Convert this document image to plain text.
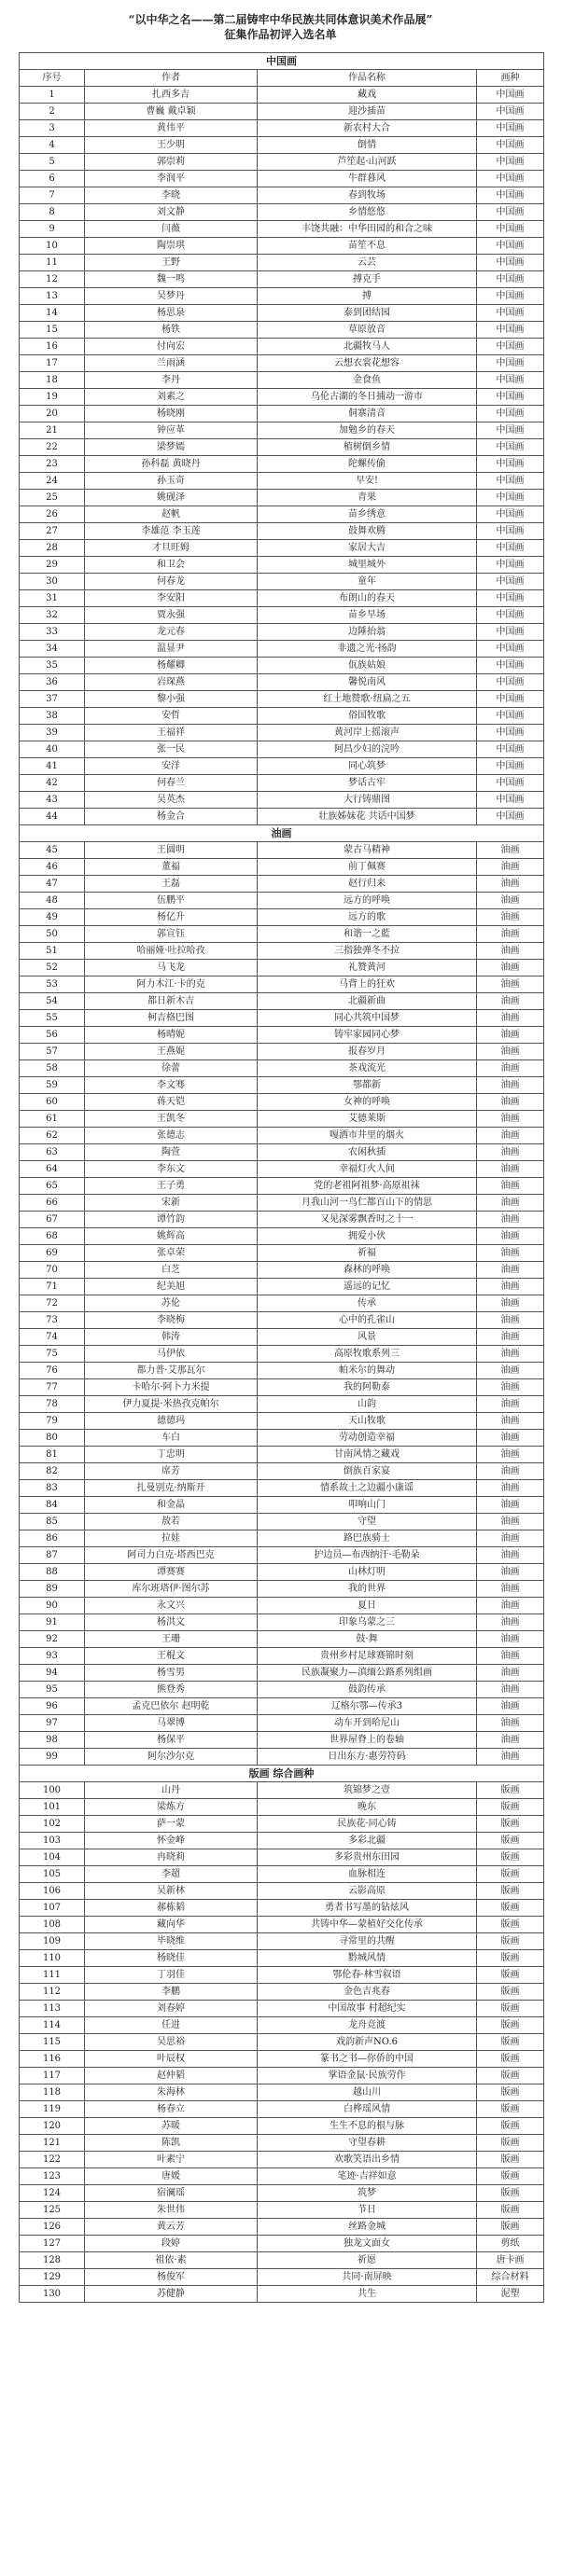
“以中华之名——第二届铸牢中华民族共同体意识美术作品展”
征集作品初评入选名单
中国画			
序号	作者	作品名称	画种
1	扎西多吉	藏戏	中国画
2	曹巍 戴卓颖	迎沙插苗	中国画
3	黄伟平	新农村大合	中国画
4	王少明	倒情	中国画
5	郭崇莉	芦笙起·山河跃	中国画
6	李润平	牛群暮风	中国画
7	李晓	春到牧场	中国画
8	刘文静	乡情悠悠	中国画
9	闫薇	丰饶共融：中华田园的和合之味	中国画
10	陶崇琪	苗笙不息	中国画
11	王野	云芸	中国画
12	魏一鸣	搏克手	中国画
13	吴梦丹	搏	中国画
14	杨思泉	泰到团结园	中国画
15	杨铁	草原放音	中国画
16	付向宏	北疆牧马人	中国画
17	兰雨涵	云想衣裳花想容	中国画
18	李丹	金食鱼	中国画
19	刘素之	乌伦古湖的冬日捕动一游市	中国画
20	杨晓刚	侗寨清音	中国画
21	钟应革	加勉乡的春天	中国画
22	梁梦嫣	植树倒乡情	中国画
23	孙科磊 黄晓丹	陀螺传偷	中国画
24	孙玉奇	早安!	中国画
25	姚砚泽	青果	中国画
26	赵帆	苗乡绣意	中国画
27	李雄范 李玉莲	鼓舞欢腾	中国画
28	才旦旺姆	家居大吉	中国画
29	和卫会	城里城外	中国画
30	何春龙	童年	中国画
31	李安阳	布朗山的春天	中国画
32	贾永强	苗乡早场	中国画
33	龙元春	边陲抬翁	中国画
34	温显尹	非遗之光·扬韵	中国画
35	杨耀卿	佤族姑娘	中国画
36	岩琛燕	馨悦南风	中国画
37	黎小强	红土地赞歌·纽扁之五	中国画
38	安哲	俗国牧歌	中国画
39	王福祥	黄河岸上摇滚声	中国画
40	张一民	阿昌少妇的浣吟	中国画
41	安洋	同心筑梦	中国画
42	何春兰	梦话古牢	中国画
43	吴英杰	大行铸鼎图	中国画
44	杨金合	壮族姊妹花 共话中国梦	中国画
油画			
45	王圆明	蒙古马精神	油画
46	董福	前丁佩赛	油画
47	王磊	赵行归来	油画
48	伍鹏平	远方的呼唤	油画
49	杨亿升	远方的歌	油画
50	郭宣钰	和谐一之藍	油画
51	哈丽娅·吐拉哈孜	三指独弹冬不拉	油画
52	马飞龙	礼赞黄河	油画
53	阿力木江·卡的克	马背上的狂欢	油画
54	都日新木吉	北疆新曲	油画
55	柯吉格巴图	同心共筑中国梦	油画
56	杨晴妮	铸牢家园同心梦	油画
57	王燕妮	报春岁月	油画
58	徐蕾	茶戏流光	油画
59	李文骞	鄂都新	油画
60	蒋天铠	女神的呼唤	油画
61	王凯冬	艾德莱斯	油画
62	张德志	嘎洒市井里的烟火	油画
63	陶萱	农闲秋插	油画
64	李东文	幸福灯火人间	油画
65	王子勇	党的老祖阿祖梦·高原祖袜	油画
66	宋新	月我山河一鸟仁都百山下的情思	油画
67	谭竹韵	又见深雾飘香时之十一	油画
68	姚辉高	拥爱小伙	油画
69	张卓荣	祈福	油画
70	白芝	森林的呼唤	油画
71	纪美旭	遥远的记忆	油画
72	苏伦	传承	油画
73	李晓梅	心中的孔雀山	油画
74	韩涛	风景	油画
75	马伊依	高原牧歌系列三	油画
76	都力普·艾那瓦尔	帕米尔的舞动	油画
77	卡哈尔·阿卜力米提	我的阿勒泰	油画
78	伊力夏提·米热孜克帕尔	山韵	油画
79	德德玛	天山牧歌	油画
80	车白	劳动创造幸福	油画
81	丁忠明	甘南风情之藏戏	油画
82	席芳	倒族百家宴	油画
83	扎曼别克·纳斯开	情系故土之边疆小康谣	油画
84	和金晶	叩响山门	油画
85	敖若	守望	油画
86	拉娃	路巴族骑士	油画
87	阿司力白克·塔西巴克	护边员—布西纳汗·毛勒朵	油画
88	谭赛赛	山林灯明	油画
89	库尔班塔伊·图尔苏	我的世界	油画
90	永文兴	夏日	油画
91	杨洪文	印象乌蒙之三	油画
92	王珊	鼓·舞	油画
93	王棍文	贵州乡村足球赛锦时刻	油画
94	杨雪男	民族凝聚力—滇缅公路系列组画	油画
95	熊登秀	鼓韵传承	油画
96	孟克巴依尔 赵明乾	辽格尔鄂—传承3	油画
97	马翠博	动车开到哈尼山	油画
98	杨保平	世界屋脊上的卷轴	油画
99	阿尔沙尔克	日出东方·惠劳符码	油画
版画 综合画种			
100	山丹	筑锦梦之壹	版画
101	梁炼方	晚东	版画
102	萨一蒙	民族花·同心铸	版画
103	怀金峰	多彩北疆	版画
104	冉晓莉	多彩贵州东田园	版画
105	李超	血脉相连	版画
106	吴新林	云影高原	版画
107	郝栋韬	勇者书写墨的钻炫风	版画
108	藏向华	共铸中华—蒙植好交化传承	版画
109	毕晓维	寻常里的共醒	版画
110	杨晓佳	黔城风情	版画
111	丁羽佳	鄂伦春·林雪叙语	版画
112	李鹏	金色吉兆春	版画
113	刘春婷	中国故事 村超纪实	版画
114	任进	龙舟竞渡	版画
115	吴思裕	戏韵新声NO.6	版画
116	叶辰权	篆书之书—你侨的中国	版画
117	赵仲韬	掌语金鼠·民族劳作	版画
118	朱海林	越山川	版画
119	杨春立	白桦瑶风情	版画
120	苏暖	生生不息的根与脉	版画
121	陈凯	守望春耕	版画
122	叶素宁	欢歌笑语出乡情	版画
123	唐媛	笔迹·吉祥如意	版画
124	宿澜瑶	筑梦	版画
125	朱世伟	节日	版画
126	黄云芳	丝路金城	版画
127	段婷	独龙文面女	剪纸
128	祖依·素	祈愿	唐卡画
129	杨俊军	共同·南屏映	综合材料
130	苏健静	共生	泥塑
